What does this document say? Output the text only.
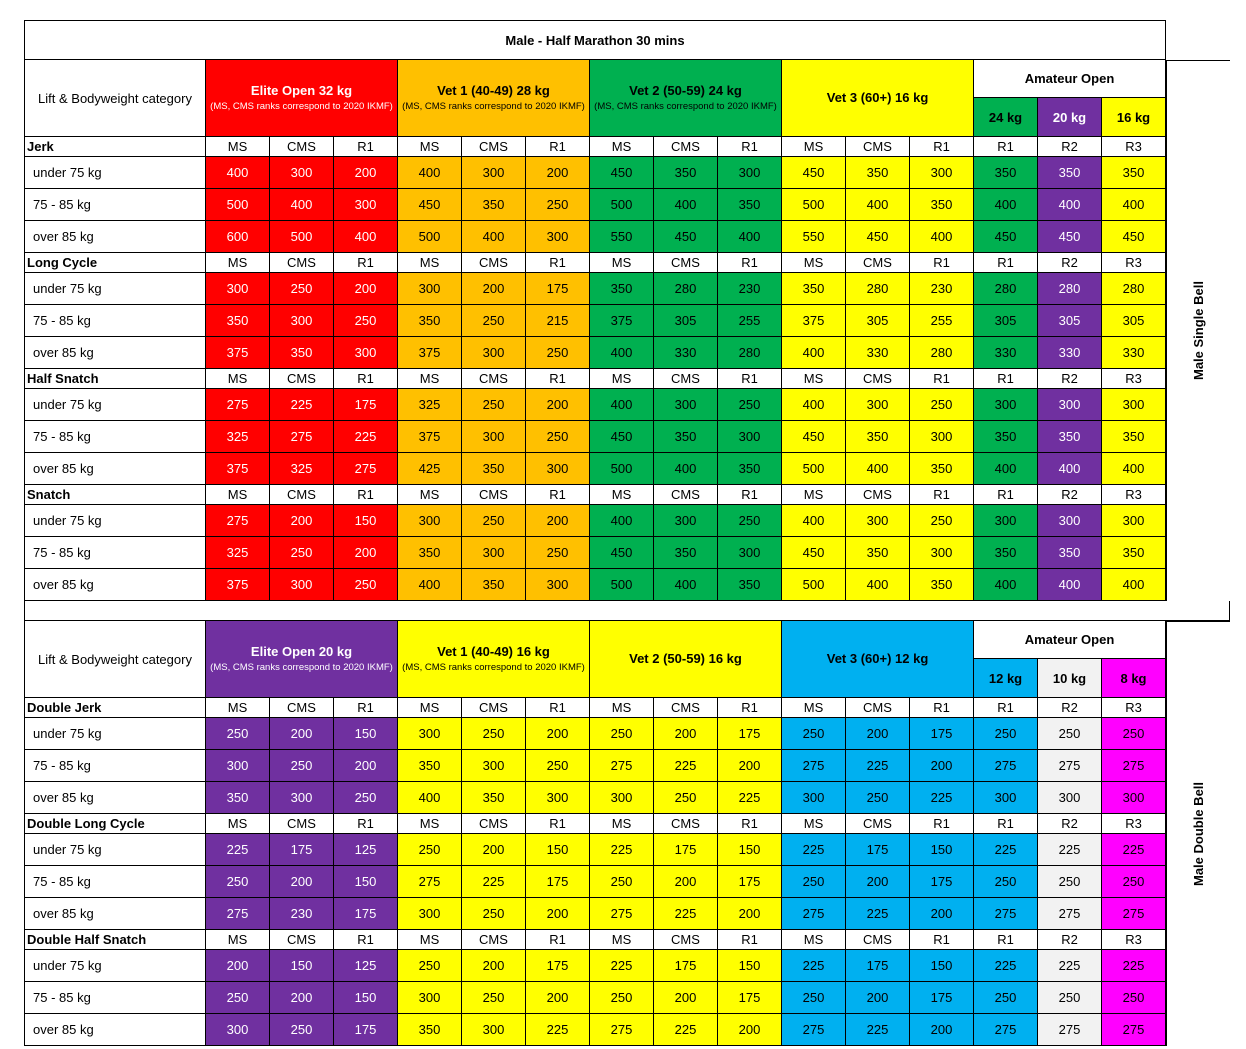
Male - Half Marathon 30 mins
Lift & Bodyweight category
Elite Open 32 kg
(MS, CMS ranks correspond to 2020 IKMF)
Vet 1 (40-49) 28 kg
(MS, CMS ranks correspond to 2020 IKMF)
Vet 2 (50-59) 24 kg
(MS, CMS ranks correspond to 2020 IKMF)
Vet 3 (60+) 16 kg
Amateur Open
24 kg	20 kg	16 kg
Jerk	MS	CMS	R1	MS	CMS	R1	MS	CMS	R1	MS	CMS	R1	R1	R2	R3
under 75 kg	400	300	200	400	300	200	450	350	300	450	350	300	350	350	350
75 - 85 kg	500	400	300	450	350	250	500	400	350	500	400	350	400	400	400
over 85 kg	600	500	400	500	400	300	550	450	400	550	450	400	450	450	450
Long Cycle	MS	CMS	R1	MS	CMS	R1	MS	CMS	R1	MS	CMS	R1	R1	R2	R3
under 75 kg	300	250	200	300	200	175	350	280	230	350	280	230	280	280	280
75 - 85 kg	350	300	250	350	250	215	375	305	255	375	305	255	305	305	305
over 85 kg	375	350	300	375	300	250	400	330	280	400	330	280	330	330	330
Half Snatch	MS	CMS	R1	MS	CMS	R1	MS	CMS	R1	MS	CMS	R1	R1	R2	R3
under 75 kg	275	225	175	325	250	200	400	300	250	400	300	250	300	300	300
75 - 85 kg	325	275	225	375	300	250	450	350	300	450	350	300	350	350	350
over 85 kg	375	325	275	425	350	300	500	400	350	500	400	350	400	400	400
Snatch	MS	CMS	R1	MS	CMS	R1	MS	CMS	R1	MS	CMS	R1	R1	R2	R3
under 75 kg	275	200	150	300	250	200	400	300	250	400	300	250	300	300	300
75 - 85 kg	325	250	200	350	300	250	450	350	300	450	350	300	350	350	350
over 85 kg	375	300	250	400	350	300	500	400	350	500	400	350	400	400	400
Male Single Bell
Lift & Bodyweight category
Elite Open 20 kg
(MS, CMS ranks correspond to 2020 IKMF)
Vet 1 (40-49) 16 kg
(MS, CMS ranks correspond to 2020 IKMF)
Vet 2 (50-59) 16 kg	Vet 3 (60+) 12 kg
Amateur Open
12 kg	10 kg	8 kg
Double Jerk	MS	CMS	R1	MS	CMS	R1	MS	CMS	R1	MS	CMS	R1	R1	R2	R3
under 75 kg	250	200	150	300	250	200	250	200	175	250	200	175	250	250	250
75 - 85 kg	300	250	200	350	300	250	275	225	200	275	225	200	275	275	275
over 85 kg	350	300	250	400	350	300	300	250	225	300	250	225	300	300	300
Double Long Cycle	MS	CMS	R1	MS	CMS	R1	MS	CMS	R1	MS	CMS	R1	R1	R2	R3
under 75 kg	225	175	125	250	200	150	225	175	150	225	175	150	225	225	225
75 - 85 kg	250	200	150	275	225	175	250	200	175	250	200	175	250	250	250
over 85 kg	275	230	175	300	250	200	275	225	200	275	225	200	275	275	275
Double Half Snatch	MS	CMS	R1	MS	CMS	R1	MS	CMS	R1	MS	CMS	R1	R1	R2	R3
under 75 kg	200	150	125	250	200	175	225	175	150	225	175	150	225	225	225
75 - 85 kg	250	200	150	300	250	200	250	200	175	250	200	175	250	250	250
over 85 kg	300	250	175	350	300	225	275	225	200	275	225	200	275	275	275
Male Double Bell
